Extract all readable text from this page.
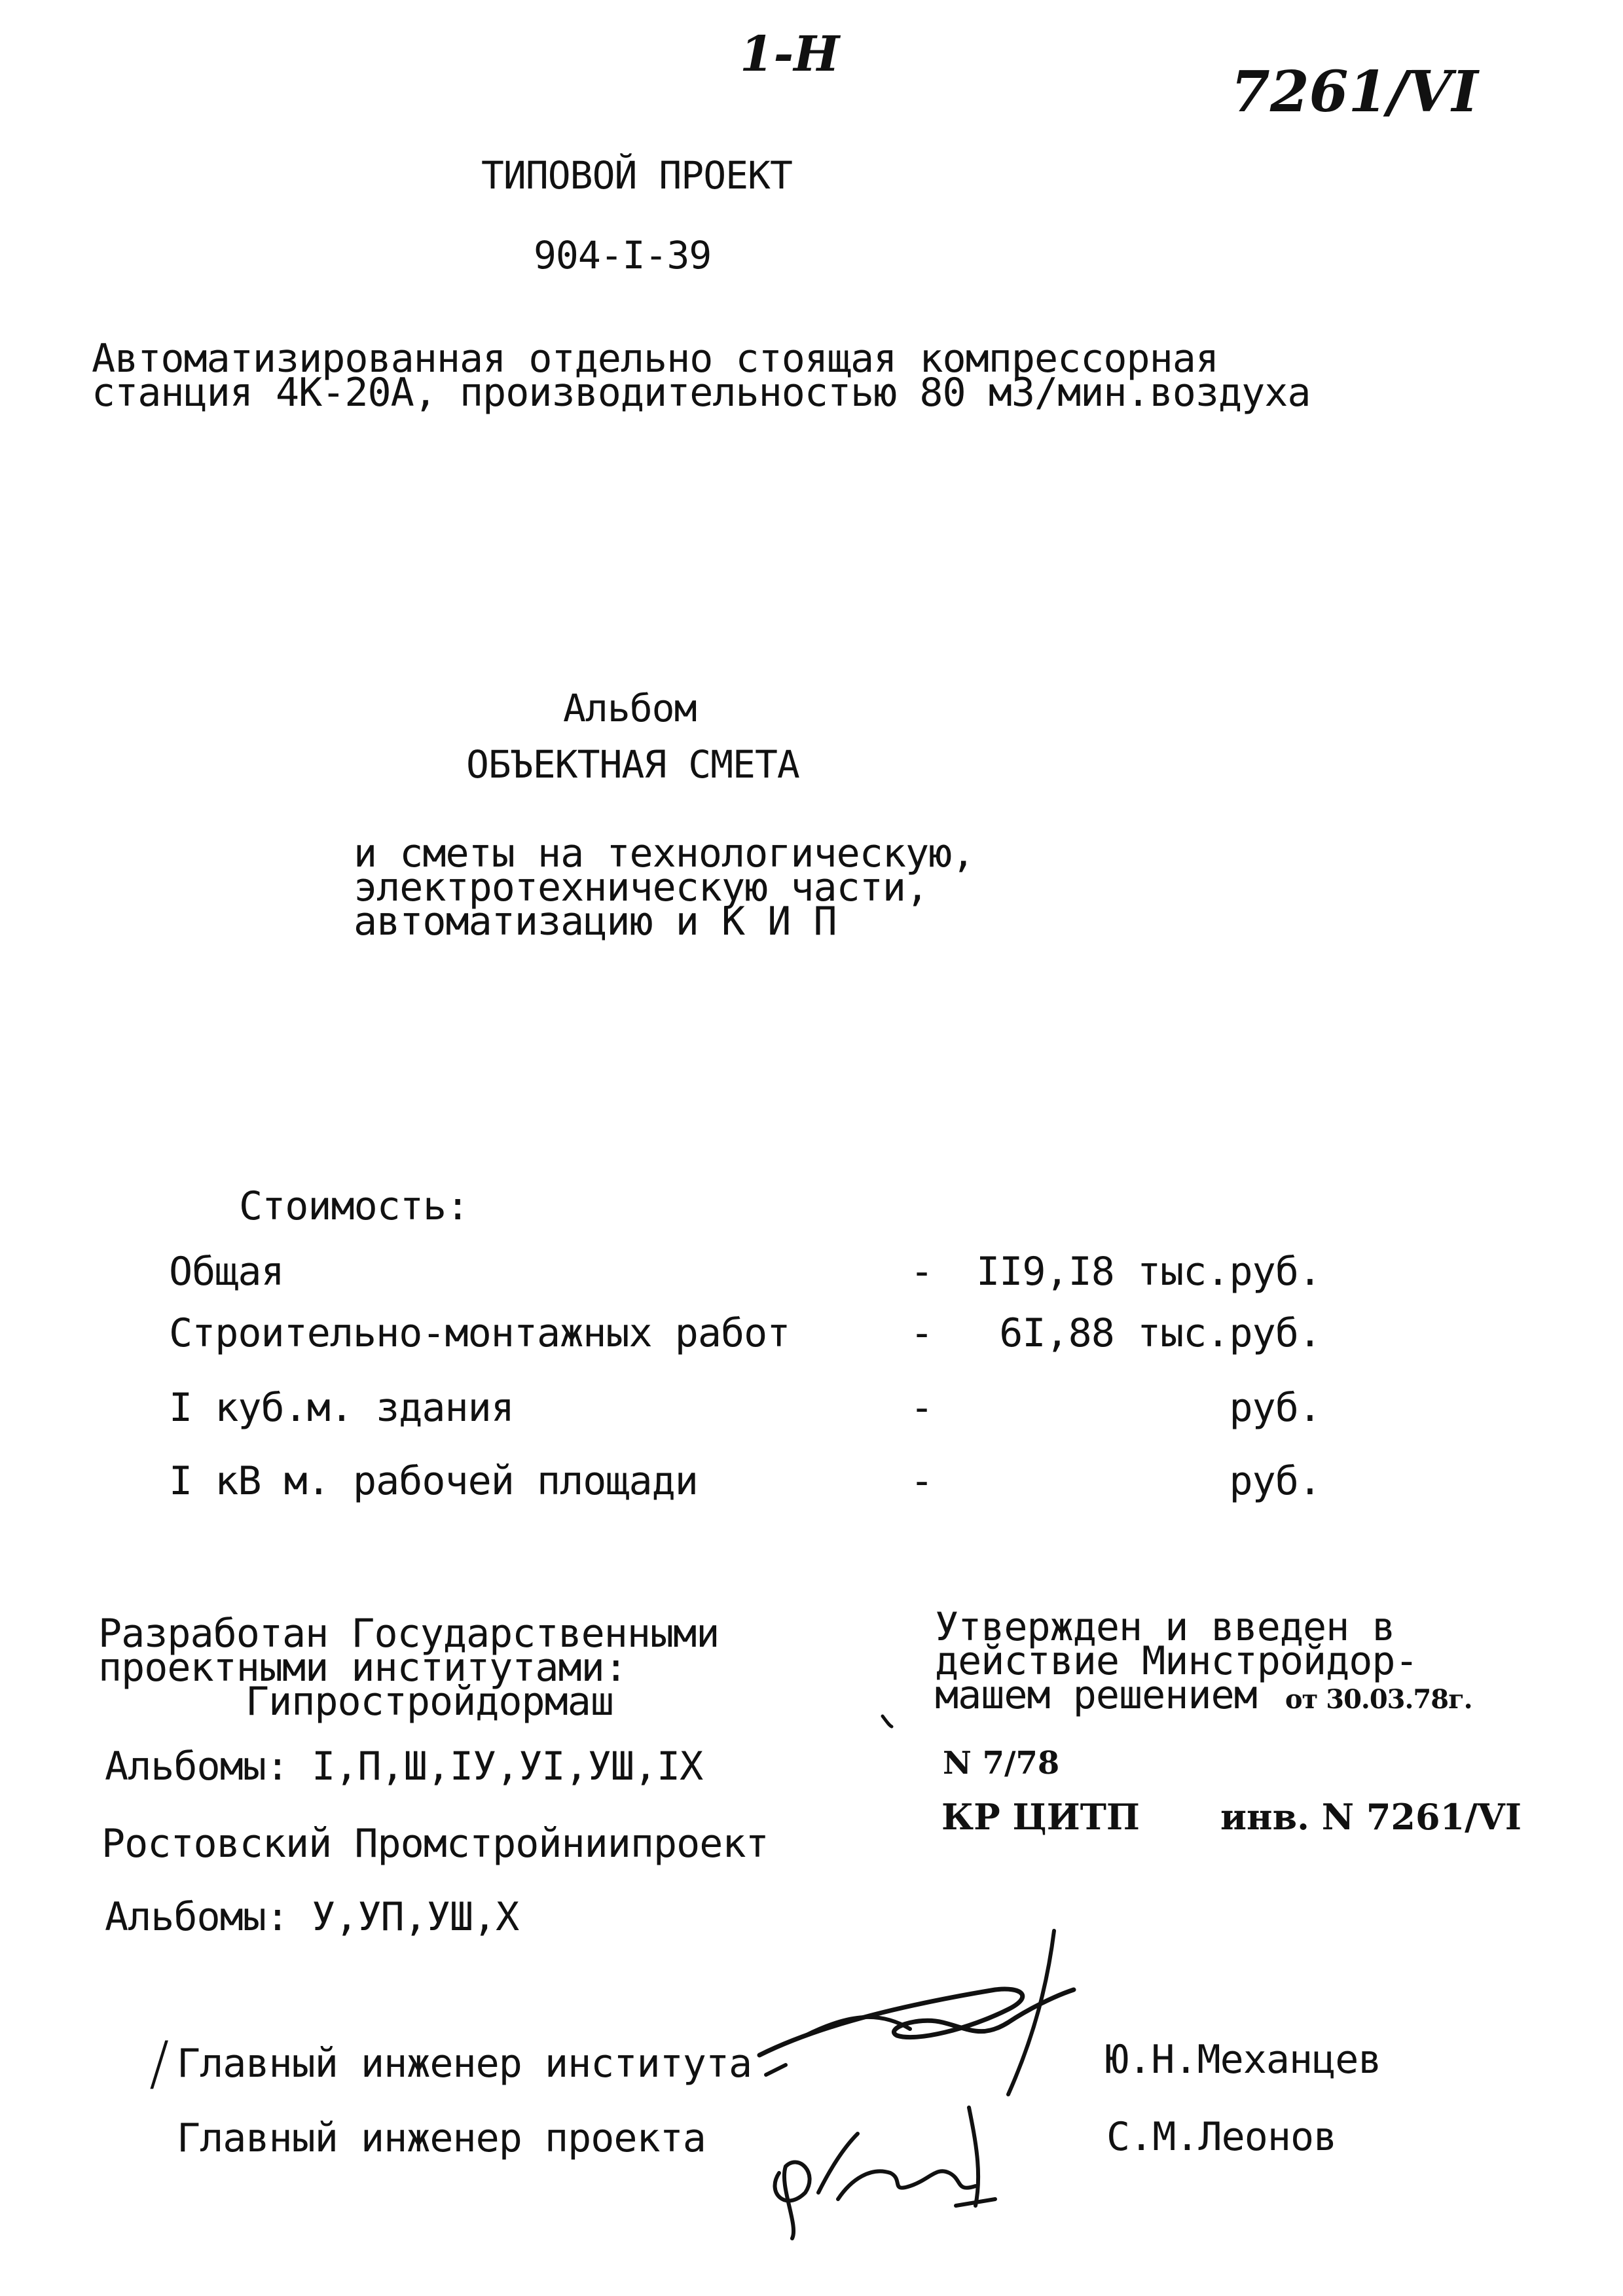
1-Н
7261/VI
ТИПОВОЙ ПРОЕКТ
904-I-39
Автоматизированная отдельно стоящая компрессорная
станция 4К-20А, производительностью 80 м3/мин.воздуха
Альбом
ОБЪЕКТНАЯ СМЕТА
и сметы на технологическую,
электротехническую части,
автоматизацию и К И П
Стоимость:
Общая	- II9,I8 тыс.руб.
Строительно-монтажных работ	- 6I,88 тыс.руб.
I куб.м. здания	-	руб.
I кВ м. рабочей площади	-	руб.
Разработан Государственными
проектными институтами:
Гипростройдормаш
Альбомы: I,П,Ш,IУ,УI,УШ,IX
Ростовский Промстройниипроект
Альбомы: У,УП,УШ,Х
Утвержден и введен в
действие Минстройдор-
машем решением от 30.03.78г.
N 7/78
КР ЦИТП инв. N 7261/VI
/ Главный инженер института	Ю.Н.Механцев
Главный инженер проекта	С.М.Леонов
